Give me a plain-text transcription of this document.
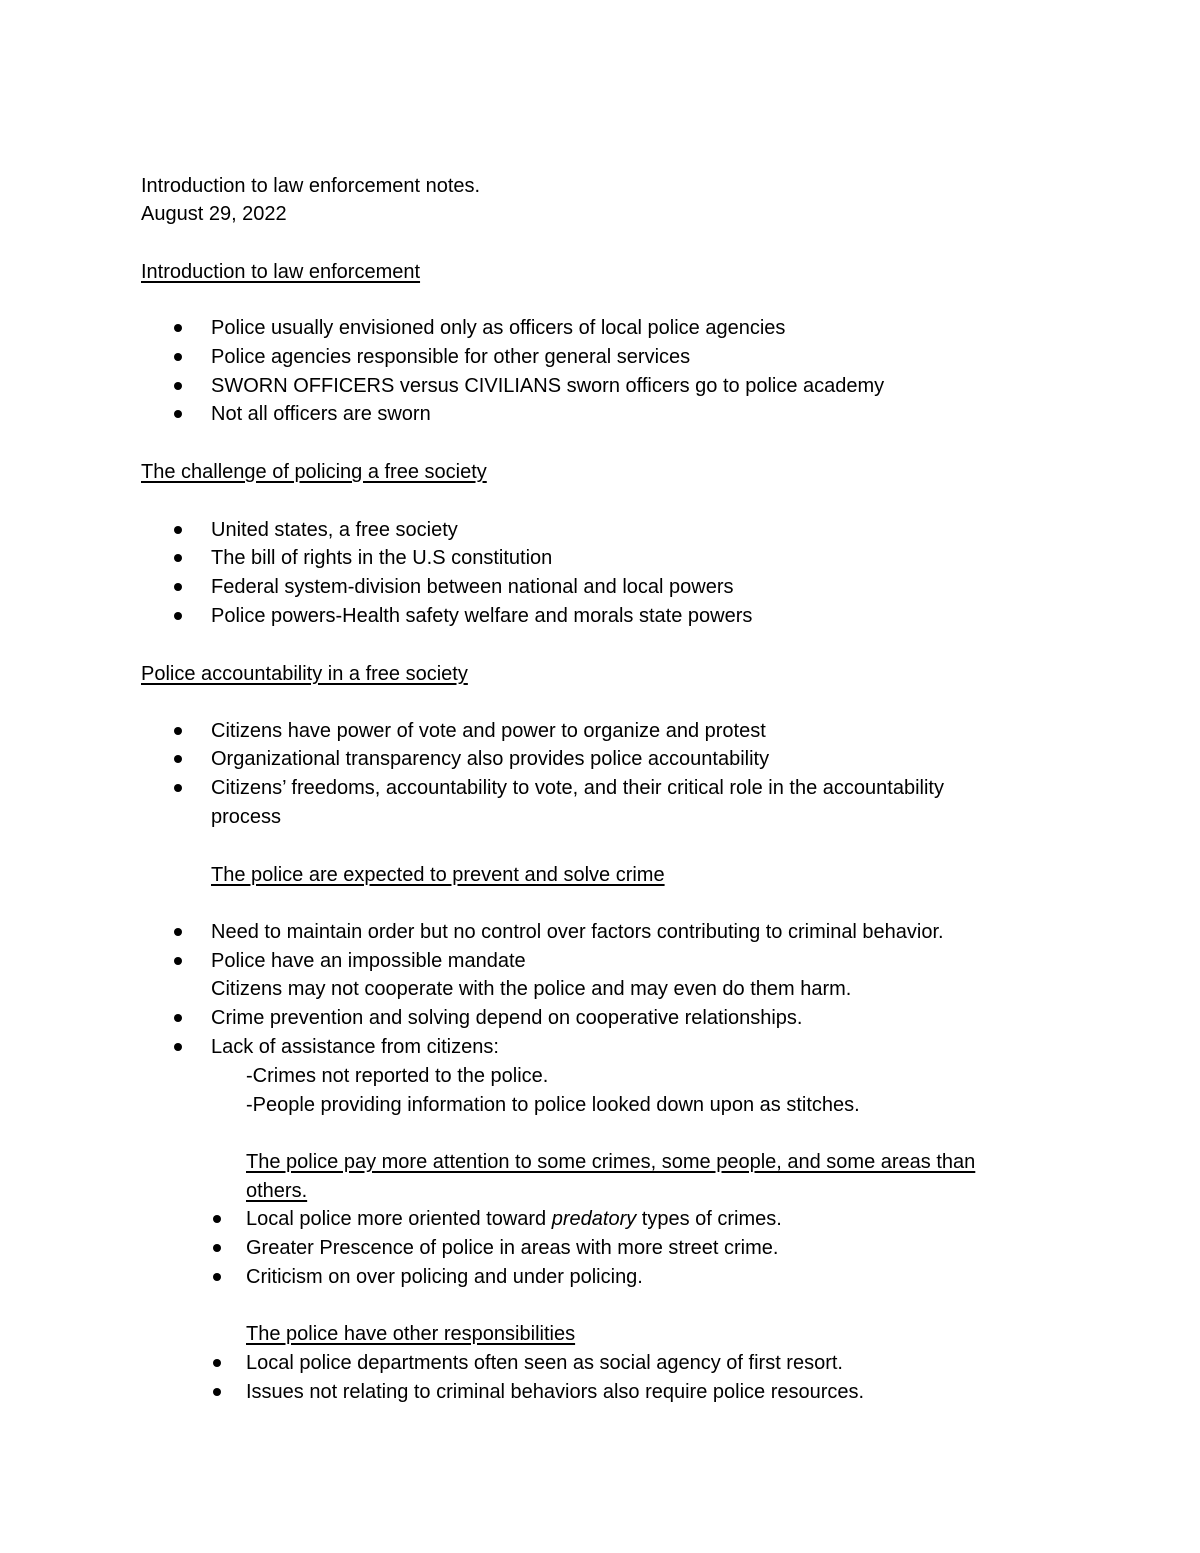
Introduction to law enforcement notes.
August 29, 2022
Introduction to law enforcement
Police usually envisioned only as officers of local police agencies
Police agencies responsible for other general services
SWORN OFFICERS versus CIVILIANS sworn officers go to police academy
Not all officers are sworn
The challenge of policing a free society
United states, a free society
The bill of rights in the U.S constitution
Federal system-division between national and local powers
Police powers-Health safety welfare and morals state powers
Police accountability in a free society
Citizens have power of vote and power to organize and protest
Organizational transparency also provides police accountability
Citizens’ freedoms, accountability to vote, and their critical role in the accountability
process
The police are expected to prevent and solve crime
Need to maintain order but no control over factors contributing to criminal behavior.
Police have an impossible mandate
Citizens may not cooperate with the police and may even do them harm.
Crime prevention and solving depend on cooperative relationships.
Lack of assistance from citizens:
-Crimes not reported to the police.
-People providing information to police looked down upon as stitches.
The police pay more attention to some crimes, some people, and some areas than
others.
Local police more oriented toward predatory types of crimes.
Greater Prescence of police in areas with more street crime.
Criticism on over policing and under policing.
The police have other responsibilities
Local police departments often seen as social agency of first resort.
Issues not relating to criminal behaviors also require police resources.
